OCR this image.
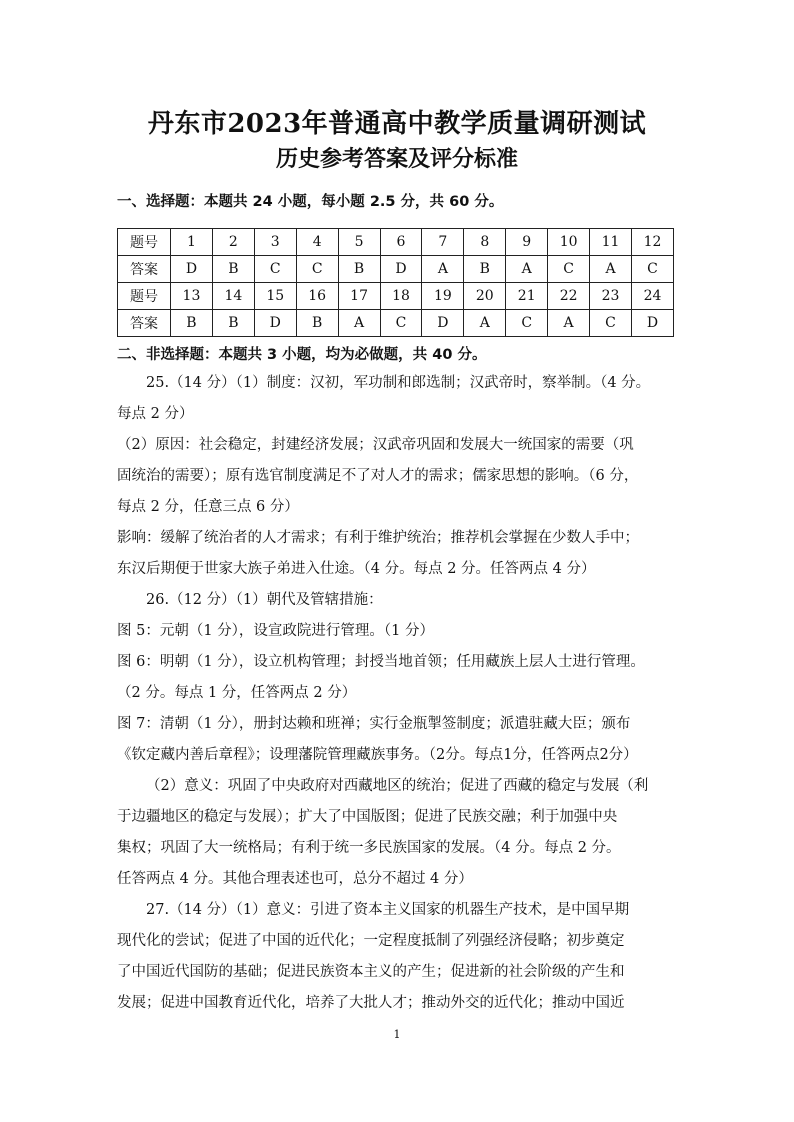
丹东市2023年普通高中教学质量调研测试
历史参考答案及评分标准
一、选择题：本题共 24 小题，每小题 2.5 分，共 60 分。
题号	1	2	3	4	5	6	7	8	9	10	11	12
答案	D	B	C	C	B	D	A	B	A	C	A	C
题号	13	14	15	16	17	18	19	20	21	22	23	24
答案	B	B	D	B	A	C	D	A	C	A	C	D
二、非选择题：本题共 3 小题，均为必做题，共 40 分。

25.（14 分）（1）制度：汉初，军功制和郎选制；汉武帝时，察举制。（4 分。

每点 2 分）

（2）原因：社会稳定，封建经济发展；汉武帝巩固和发展大一统国家的需要（巩

固统治的需要）；原有选官制度满足不了对人才的需求；儒家思想的影响。（6 分，

每点 2 分，任意三点 6 分）

影响：缓解了统治者的人才需求；有利于维护统治；推荐机会掌握在少数人手中；

东汉后期便于世家大族子弟进入仕途。（4 分。每点 2 分。任答两点 4 分）

26.（12 分）（1）朝代及管辖措施：

图 5：元朝（1 分），设宣政院进行管理。（1 分）

图 6：明朝（1 分），设立机构管理；封授当地首领；任用藏族上层人士进行管理。

（2 分。每点 1 分，任答两点 2 分）

图 7：清朝（1 分），册封达赖和班禅；实行金瓶掣签制度；派遣驻藏大臣；颁布

《钦定藏内善后章程》；设理藩院管理藏族事务。（2分。每点1分，任答两点2分）

（2）意义：巩固了中央政府对西藏地区的统治；促进了西藏的稳定与发展（利

于边疆地区的稳定与发展）；扩大了中国版图；促进了民族交融；利于加强中央

集权；巩固了大一统格局；有利于统一多民族国家的发展。（4 分。每点 2 分。

任答两点 4 分。其他合理表述也可，总分不超过 4 分）

27.（14 分）（1）意义：引进了资本主义国家的机器生产技术，是中国早期

现代化的尝试；促进了中国的近代化；一定程度抵制了列强经济侵略；初步奠定

了中国近代国防的基础；促进民族资本主义的产生；促进新的社会阶级的产生和

发展；促进中国教育近代化，培养了大批人才；推动外交的近代化；推动中国近

1
